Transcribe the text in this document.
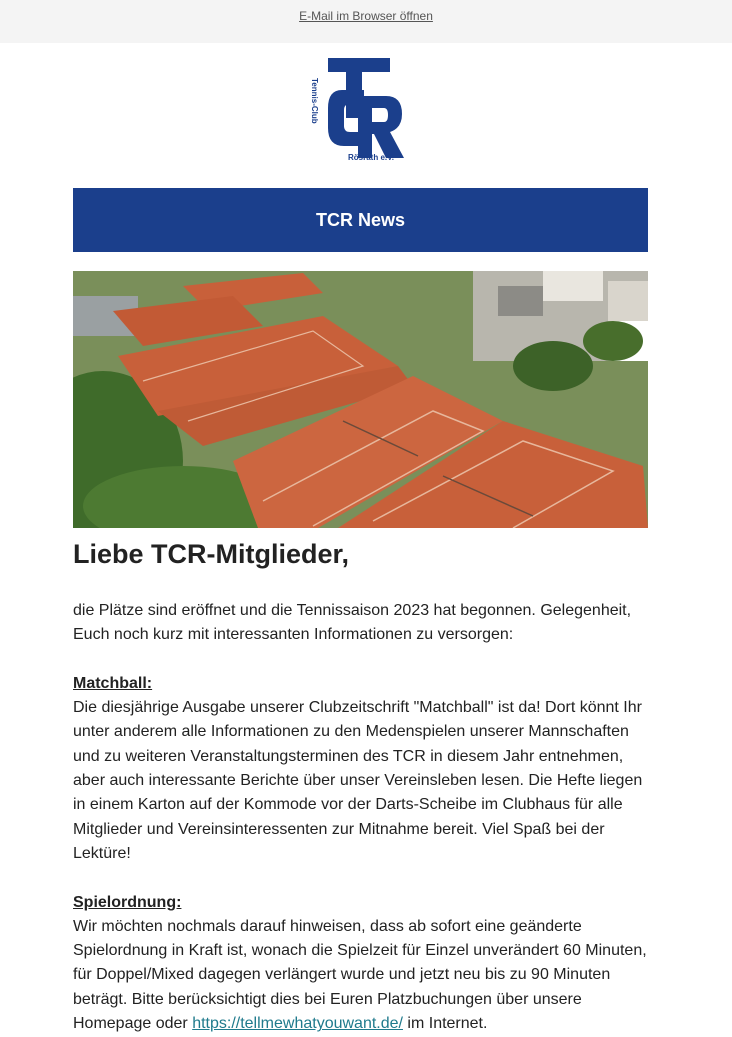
E-Mail im Browser öffnen
Tennis-Club
Rösrath e.V.
TCR News
Liebe TCR-Mitglieder,

die Plätze sind eröffnet und die Tennissaison 2023 hat begonnen. Gelegenheit, Euch noch kurz mit interessanten Informationen zu versorgen:

Matchball:

Die diesjährige Ausgabe unserer Clubzeitschrift "Matchball" ist da! Dort könnt Ihr unter anderem alle Informationen zu den Medenspielen unserer Mannschaften und zu weiteren Veranstaltungsterminen des TCR in diesem Jahr entnehmen, aber auch interessante Berichte über unser Vereinsleben lesen. Die Hefte liegen in einem Karton auf der Kommode vor der Darts-Scheibe im Clubhaus für alle Mitglieder und Vereinsinteressenten zur Mitnahme bereit. Viel Spaß bei der Lektüre!

Spielordnung:

Wir möchten nochmals darauf hinweisen, dass ab sofort eine geänderte Spielordnung in Kraft ist, wonach die Spielzeit für Einzel unverändert 60 Minuten, für Doppel/Mixed dagegen verlängert wurde und jetzt neu bis zu 90 Minuten beträgt. Bitte berücksichtigt dies bei Euren Platzbuchungen über unsere Homepage oder https://tellmewhatyouwant.de/ im Internet.
